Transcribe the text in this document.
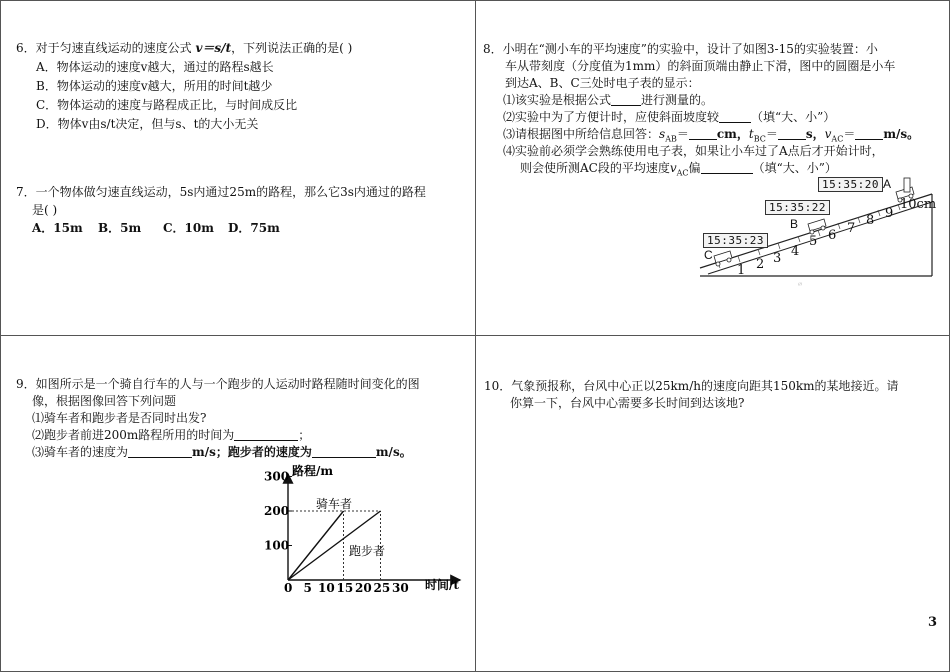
6．对于匀速直线运动的速度公式 v＝s/t，下列说法正确的是( )
A．物体运动的速度v越大，通过的路程s越长
B．物体运动的速度v越大，所用的时间t越少
C．物体运动的速度与路程成正比，与时间成反比
D．物体v由s/t决定，但与s、t的大小无关
7．一个物体做匀速直线运动，5s内通过25m的路程，那么它3s内通过的路程
是( )
A．15m B．5m C．10m D．75m
8．小明在“测小车的平均速度”的实验中，设计了如图3-15的实验装置：小
车从带刻度（分度值为1mm）的斜面顶端由静止下滑，图中的圆圈是小车
到达A、B、C三处时电子表的显示：
⑴该实验是根据公式	进行测量的。
⑵实验中为了方便计时，应使斜面坡度较	（填“大、小”）
⑶请根据图中所给信息回答：$s_{AB}=$ cm，$t_{BC}= s$，$v_{AC}= m/s$。
⑷实验前必须学会熟练使用电子表，如果让小车过了A点后才开始计时，
则会使所测AC段的平均速度$v_{AC}$偏	（填“大、小”）
///
15:35:20
15:35:22
15:35:23
A
B
C
1 2 3 4
5 6 7
8 9
10cm
9．如图所示是一个骑自行车的人与一个跑步的人运动时路程随时间变化的图
像，根据图像回答下列问题
⑴骑车者和跑步者是否同时出发?
⑵跑步者前进200m路程所用的时间为	；
⑶骑车者的速度为	m/s；跑步者的速度为	m/s。
0 5 10 15 20 25 30
100
200
300 路程/m
时间/t
骑车者
跑步者
10．气象预报称，台风中心正以25km/h的速度向距其150km的某地接近。请
你算一下，台风中心需要多长时间到达该地?
3
